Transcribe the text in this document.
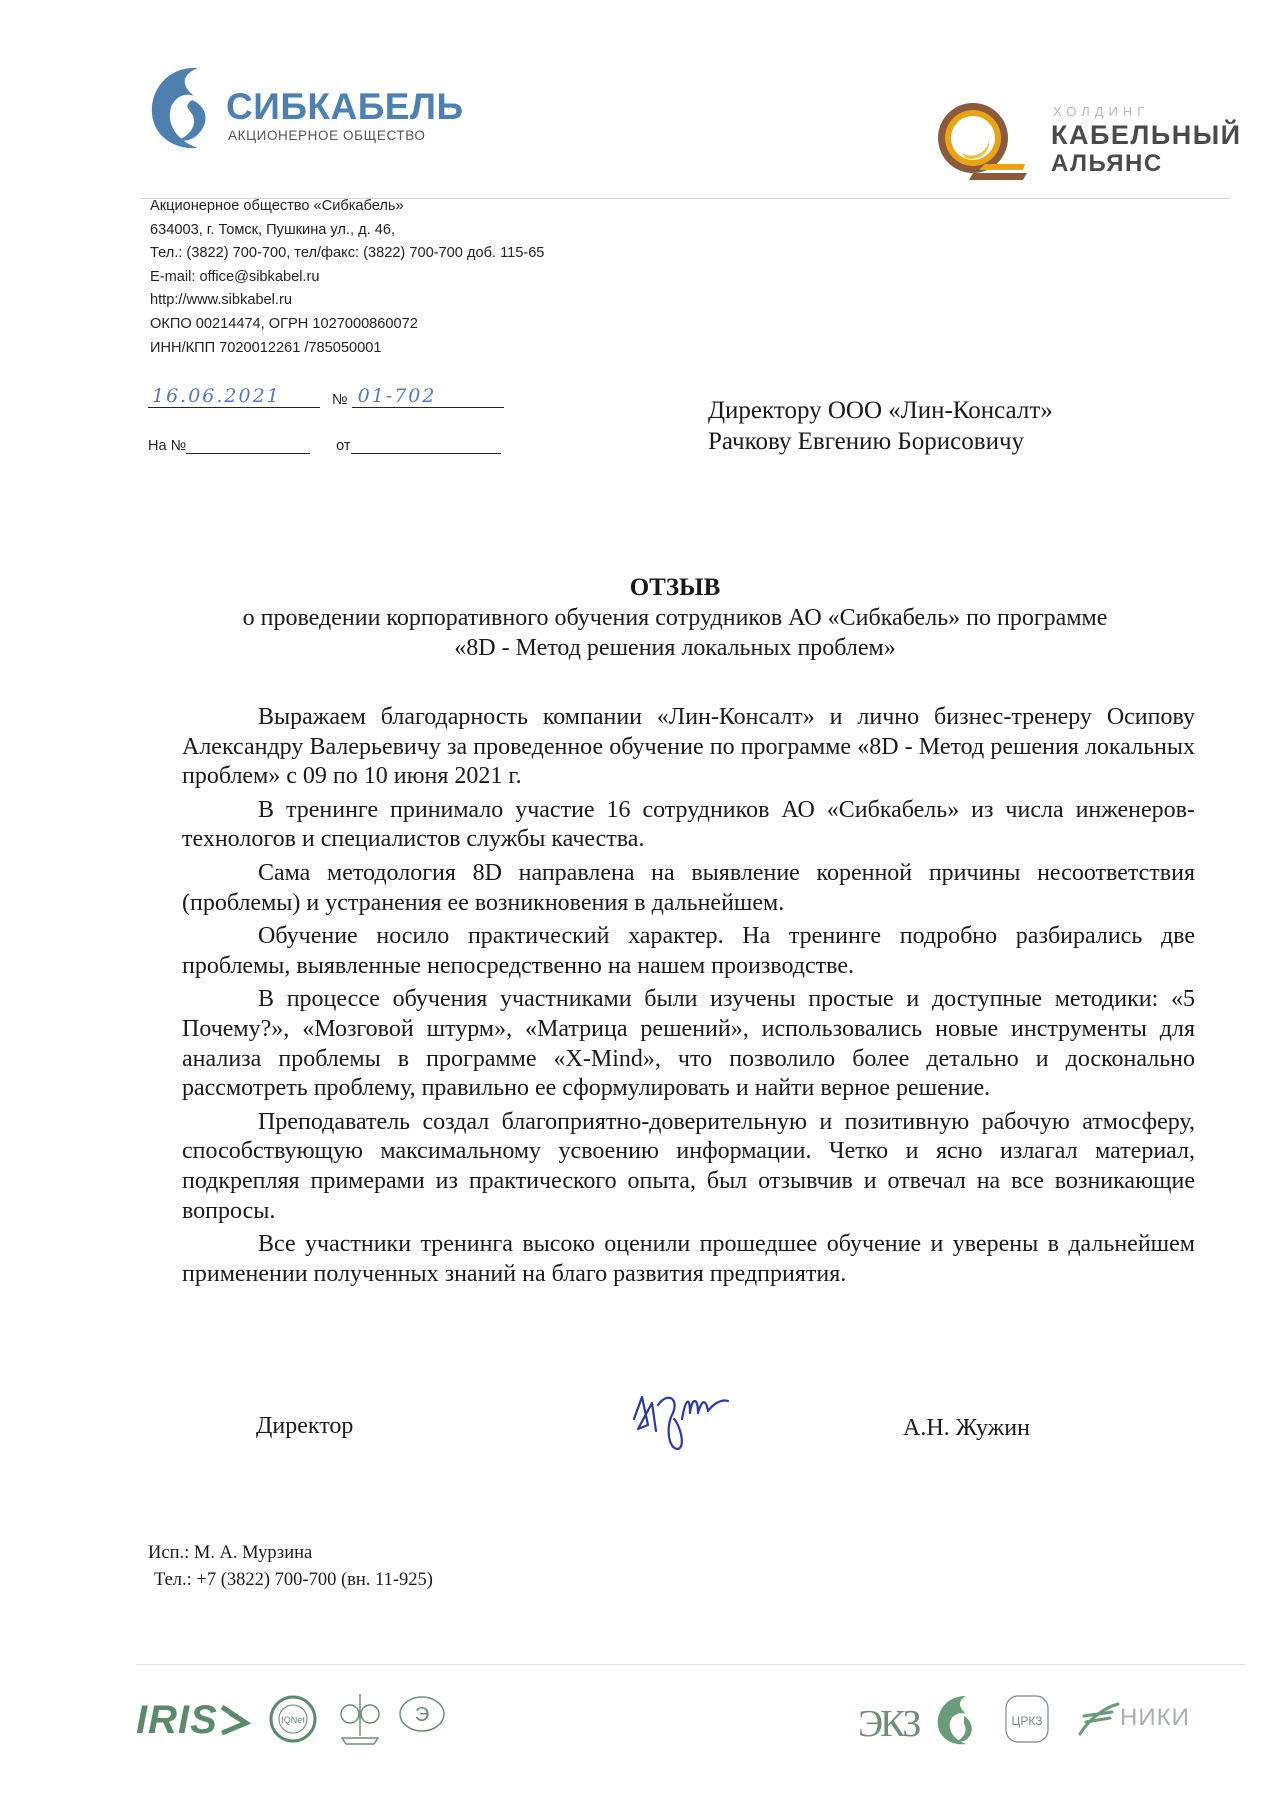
СИБКАБЕЛЬ
АКЦИОНЕРНОЕ ОБЩЕСТВО
ХОЛДИНГ
КАБЕЛЬНЫЙ
АЛЬЯНС
Акционерное общество «Сибкабель»
634003, г. Томск, Пушкина ул., д. 46,
Тел.: (3822) 700-700, тел/факс: (3822) 700-700 доб. 115-65
E-mail: office@sibkabel.ru
http://www.sibkabel.ru
ОКПО 00214474, ОГРН 1027000860072
ИНН/КПП 7020012261 /785050001
16.06.2021	№ 01-702
На №	от
Директору ООО «Лин-Консалт»
Рачкову Евгению Борисовичу
ОТЗЫВ
о проведении корпоративного обучения сотрудников АО «Сибкабель» по программе
«8D - Метод решения локальных проблем»

Выражаем благодарность компании «Лин-Консалт» и лично бизнес-тренеру Осипову Александру Валерьевичу за проведенное обучение по программе «8D - Метод решения локальных проблем» с 09 по 10 июня 2021 г.

В тренинге принимало участие 16 сотрудников АО «Сибкабель» из числа инженеров-технологов и специалистов службы качества.

Сама методология 8D направлена на выявление коренной причины несоответствия (проблемы) и устранения ее возникновения в дальнейшем.

Обучение носило практический характер. На тренинге подробно разбирались две проблемы, выявленные непосредственно на нашем производстве.

В процессе обучения участниками были изучены простые и доступные методики: «5 Почему?», «Мозговой штурм», «Матрица решений», использовались новые инструменты для анализа проблемы в программе «X-Mind», что позволило более детально и досконально рассмотреть проблему, правильно ее сформулировать и найти верное решение.

Преподаватель создал благоприятно-доверительную и позитивную рабочую атмосферу, способствующую максимальному усвоению информации. Четко и ясно излагал материал, подкрепляя примерами из практического опыта, был отзывчив и отвечал на все возникающие вопросы.

Все участники тренинга высоко оценили прошедшее обучение и уверены в дальнейшем применении полученных знаний на благо развития предприятия.

Директор	А.Н. Жужин
Исп.: М. А. Мурзина
Тел.: +7 (3822) 700-700 (вн. 11-925)
IRIS	IQNet	Э	ЭКЗ	ЦРКЗ	НИКИ
